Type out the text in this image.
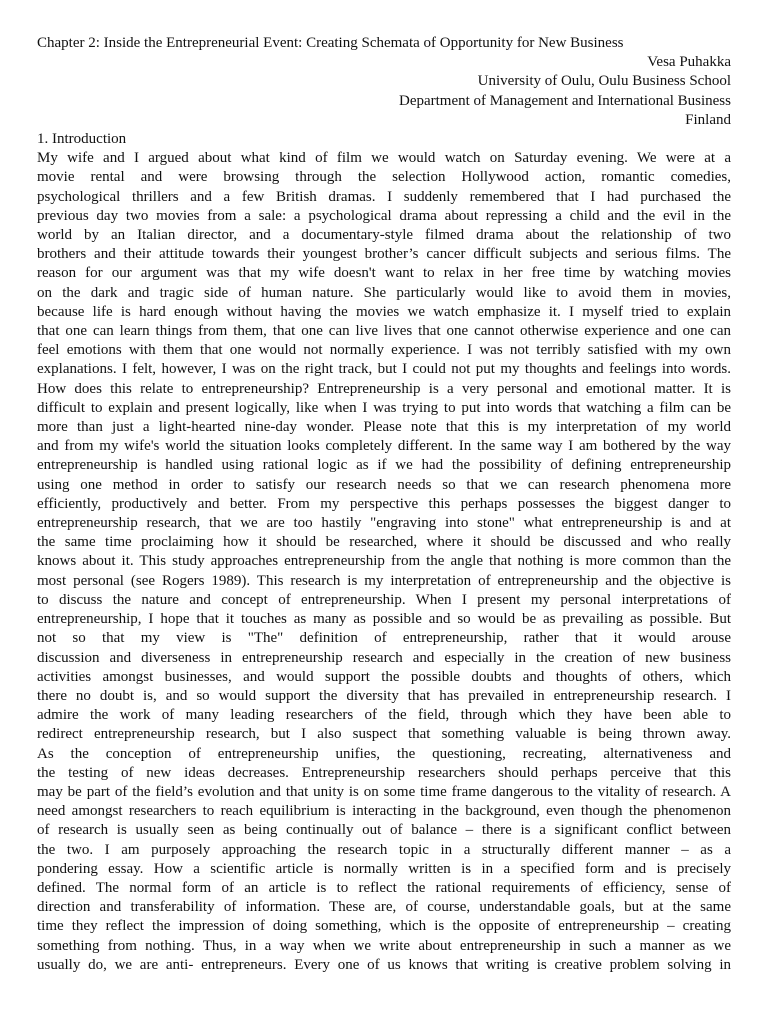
Chapter 2: Inside the Entrepreneurial Event: Creating Schemata of Opportunity for New Business
Vesa Puhakka
University of Oulu, Oulu Business School
Department of Management and International Business
Finland
1. Introduction
My wife and I argued about what kind of film we would watch on Saturday evening. We were at a
movie rental and were browsing through the selection Hollywood action, romantic comedies,
psychological thrillers and a few British dramas. I suddenly remembered that I had purchased the
previous day two movies from a sale: a psychological drama about repressing a child and the evil in the
world by an Italian director, and a documentary-style filmed drama about the relationship of two
brothers and their attitude towards their youngest brother’s cancer difficult subjects and serious films. The
reason for our argument was that my wife doesn't want to relax in her free time by watching movies
on the dark and tragic side of human nature. She particularly would like to avoid them in movies,
because life is hard enough without having the movies we watch emphasize it. I myself tried to explain
that one can learn things from them, that one can live lives that one cannot otherwise experience and one can
feel emotions with them that one would not normally experience. I was not terribly satisfied with my own
explanations. I felt, however, I was on the right track, but I could not put my thoughts and feelings into words.
How does this relate to entrepreneurship? Entrepreneurship is a very personal and emotional matter. It is
difficult to explain and present logically, like when I was trying to put into words that watching a film can be
more than just a light-hearted nine-day wonder. Please note that this is my interpretation of my world
and from my wife's world the situation looks completely different. In the same way I am bothered by the way
entrepreneurship is handled using rational logic as if we had the possibility of defining entrepreneurship
using one method in order to satisfy our research needs so that we can research phenomena more
efficiently, productively and better. From my perspective this perhaps possesses the biggest danger to
entrepreneurship research, that we are too hastily "engraving into stone" what entrepreneurship is and at
the same time proclaiming how it should be researched, where it should be discussed and who really
knows about it. This study approaches entrepreneurship from the angle that nothing is more common than the
most personal (see Rogers 1989). This research is my interpretation of entrepreneurship and the objective is
to discuss the nature and concept of entrepreneurship. When I present my personal interpretations of
entrepreneurship, I hope that it touches as many as possible and so would be as prevailing as possible. But
not so that my view is "The" definition of entrepreneurship, rather that it would arouse
discussion and diverseness in entrepreneurship research and especially in the creation of new business
activities amongst businesses, and would support the possible doubts and thoughts of others, which
there no doubt is, and so would support the diversity that has prevailed in entrepreneurship research. I
admire the work of many leading researchers of the field, through which they have been able to
redirect entrepreneurship research, but I also suspect that something valuable is being thrown away.
As the conception of entrepreneurship unifies, the questioning, recreating, alternativeness and
the testing of new ideas decreases. Entrepreneurship researchers should perhaps perceive that this
may be part of the field’s evolution and that unity is on some time frame dangerous to the vitality of research. A
need amongst researchers to reach equilibrium is interacting in the background, even though the phenomenon
of research is usually seen as being continually out of balance – there is a significant conflict between
the two. I am purposely approaching the research topic in a structurally different manner – as a
pondering essay. How a scientific article is normally written is in a specified form and is precisely
defined. The normal form of an article is to reflect the rational requirements of efficiency, sense of
direction and transferability of information. These are, of course, understandable goals, but at the same
time they reflect the impression of doing something, which is the opposite of entrepreneurship – creating
something from nothing. Thus, in a way when we write about entrepreneurship in such a manner as we
usually do, we are anti- entrepreneurs. Every one of us knows that writing is creative problem solving in
